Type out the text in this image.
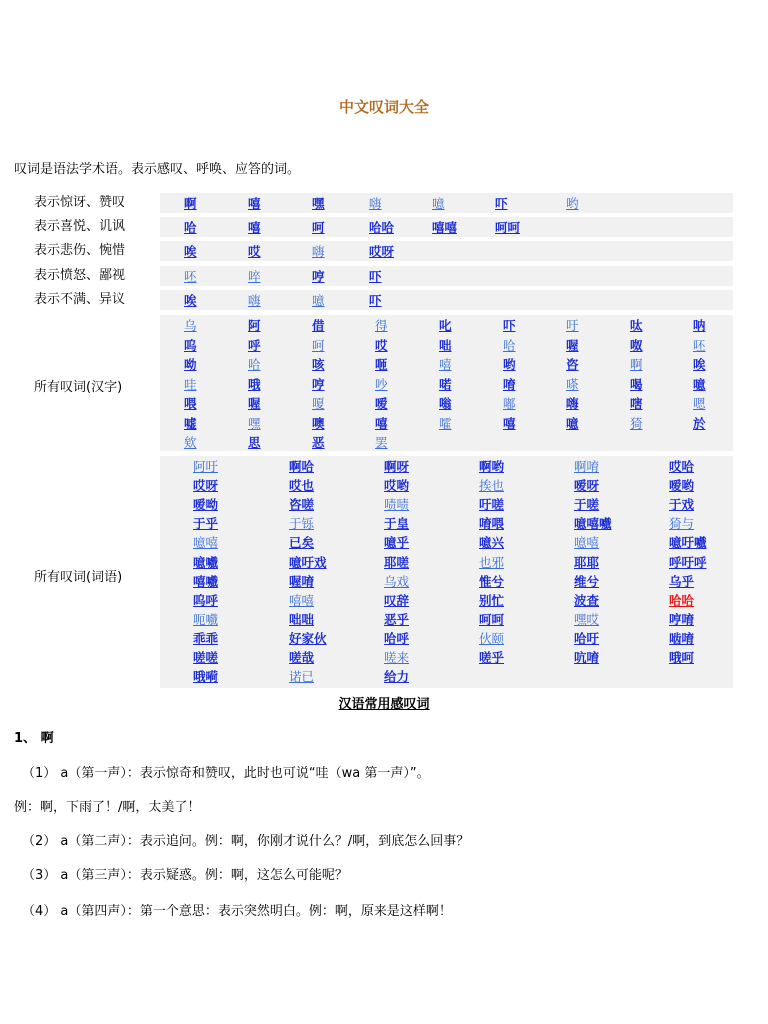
中文叹词大全
叹词是语法学术语。表示感叹、呼唤、应答的词。
所有叹词(汉字)
所有叹词(词语)
汉语常用感叹词
1、 啊
（1） a（第一声）：表示惊奇和赞叹，此时也可说“哇（wa 第一声）”。
例：啊，下雨了！/啊，太美了！
（2） a（第二声）：表示追问。例：啊，你刚才说什么？/啊，到底怎么回事？
（3） a（第三声）：表示疑惑。例：啊，这怎么可能呢？
（4） a（第四声）：第一个意思：表示突然明白。例：啊，原来是这样啊！
表示惊讶、赞叹	啊	嘻	嘿	嗨	噫	吓	哟
表示喜悦、讥讽	哈	嘻	呵	哈哈	嘻嘻	呵呵
表示悲伤、惋惜	唉	哎	嗨	哎呀
表示愤怒、鄙视	呸	啐	哼	吓
表示不满、异议	唉	嗨	噫	吓
乌	阿	借	得	叱	吓	吁	呔	呐
呜	呼	呵	哎	咄	哈	喔	呶	呸
呦	哈	咳	咂	嘻	哟	咨	啊	唉
哇	哦	哼	吵	喏	唷	嗏	喝	噫
喂	喔	嗄	嗳	嗡	嘟	嗨	嗐	嗯
嘘	嘿	噢	嘻	嚯	嘻	噫	猗	於
欸	思	恶	罢
阿吁	啊哈	啊呀	啊哟	啊唷	哎哈
哎呀	哎也	哎哟	挨也	嗳呀	嗳哟
嗳呦	咨嗟	啧啧	吁嗟	于嗟	于戏
于乎	于铄	于皇	唷喂	噫嘻嚱	猗与
噫嘻	已矣	噫乎	噫兴	噫嘻	噫吁嚱
噫嚱	噫吁戏	耶嗟	也邪	耶耶	呼吁呼
嘻嚱	喔唷	乌戏	惟兮	维兮	乌乎
呜呼	嘻嘻	叹辞	别忙	波查	哈哈
呃嚱	咄咄	恶乎	呵呵	嘿哎	哼唷
乖乖	好家伙	哈呼	伙颐	哈吁	啮唷
嗟嗟	嗟哉	嗟来	嗟乎	吭唷	哦呵
哦嗬	诺已	给力
